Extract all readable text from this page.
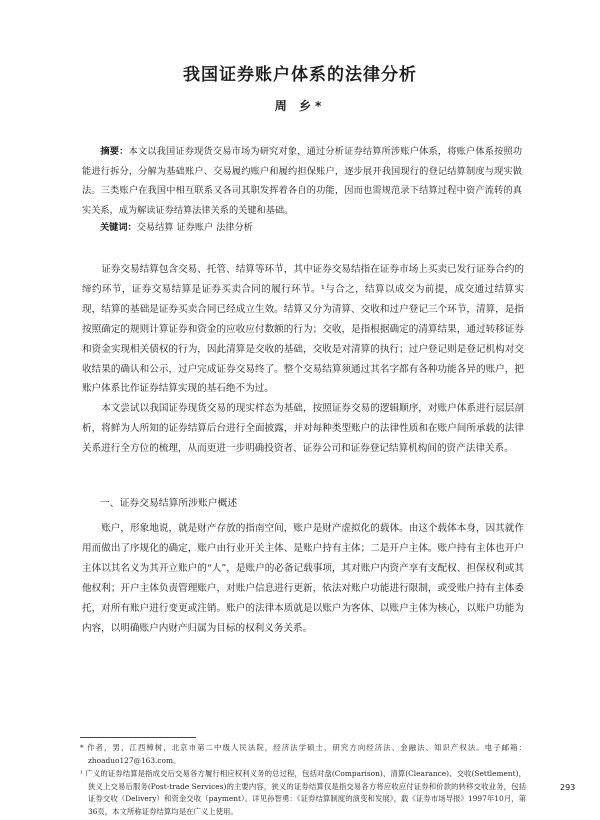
我国证券账户体系的法律分析
周 乡*
摘要：本文以我国证券现货交易市场为研究对象，通过分析证券结算所涉账户体系，将账户体系按照功能进行拆分，分解为基础账户、交易履约账户和履约担保账户，逐步展开我国现行的登记结算制度与现实做法。三类账户在我国中相互联系又各司其职发挥着各自的功能，因而也需规范录下结算过程中资产流转的真实关系，成为解读证券结算法律关系的关键和基础。
关键词：交易结算 证券账户 法律分析

证券交易结算包含交易、托管、结算等环节，其中证券交易结指在证券市场上买卖已发行证券合约的缔约环节，证券交易结算是证券买卖合同的履行环节。¹与合之，结算以成交为前提，成交通过结算实现，结算的基础是证券买卖合同已经成立生效。结算又分为清算、交收和过户登记三个环节，清算，是指按照确定的规则计算证券和资金的应收应付数额的行为；交收，是指根据确定的清算结果，通过转移证券和资金实现相关债权的行为，因此清算是交收的基础，交收是对清算的执行；过户登记则是登记机构对交收结果的确认和公示，过户完成证券交易终了。整个交易结算须通过其名字都有各种功能各异的账户，把账户体系比作证券结算实现的基石绝不为过。

本文尝试以我国证券现货交易的现实样态为基础，按照证券交易的逻辑顺序，对账户体系进行层层剖析，将鲜为人所知的证券结算后台进行全面披露，并对每种类型账户的法律性质和在账户间所承载的法律关系进行全方位的梳理，从而更进一步明确投资者、证券公司和证券登记结算机构间的资产法律关系。

一、证券交易结算所涉账户概述
账户，形象地说，就是财产存放的指南空间，账户是财产虚拟化的载体。由这个载体本身，因其就作用而做出了序规化的确定，账户由行业开关主体、是账户持有主体；二是开户主体。账户持有主体也开户主体以其名义为其开立账户的“人”，是账户的必备记载事项，其对账户内资产享有支配权、担保权利或其他权利；开户主体负责管理账户，对账户信息进行更新，依法对账户功能进行限制，或受账户持有主体委托，对所有账户进行变更或注销。账户的法律本质就是以账户为客体、以账户主体为核心，以账户功能为内容，以明确账户内财产归属为目标的权利义务关系。

* 作者，男，江西樟树，北京市第二中级人民法院，经济法学硕士，研究方向经济法、金融法、知识产权法。电子邮箱：zhoaduo127@163.com。

¹ 广义的证券结算是指成交后交易各方履行相应权利义务的总过程，包括对盘(Comparison)、清算(Clearance)、交收(Settlement)，狭义上交易后服务(Post-trade Services)的主要内容，狭义的证券结算仅是指交易各方将应收应付证券和价款的转移交收业务，包括证券交收（Delivery）和资金交收（payment）。详见孙智勇：《证券结算制度的演变和发展》，载《证券市场导报》1997年10月，第36页，本文所称证券结算均是在广义上使用。

293
